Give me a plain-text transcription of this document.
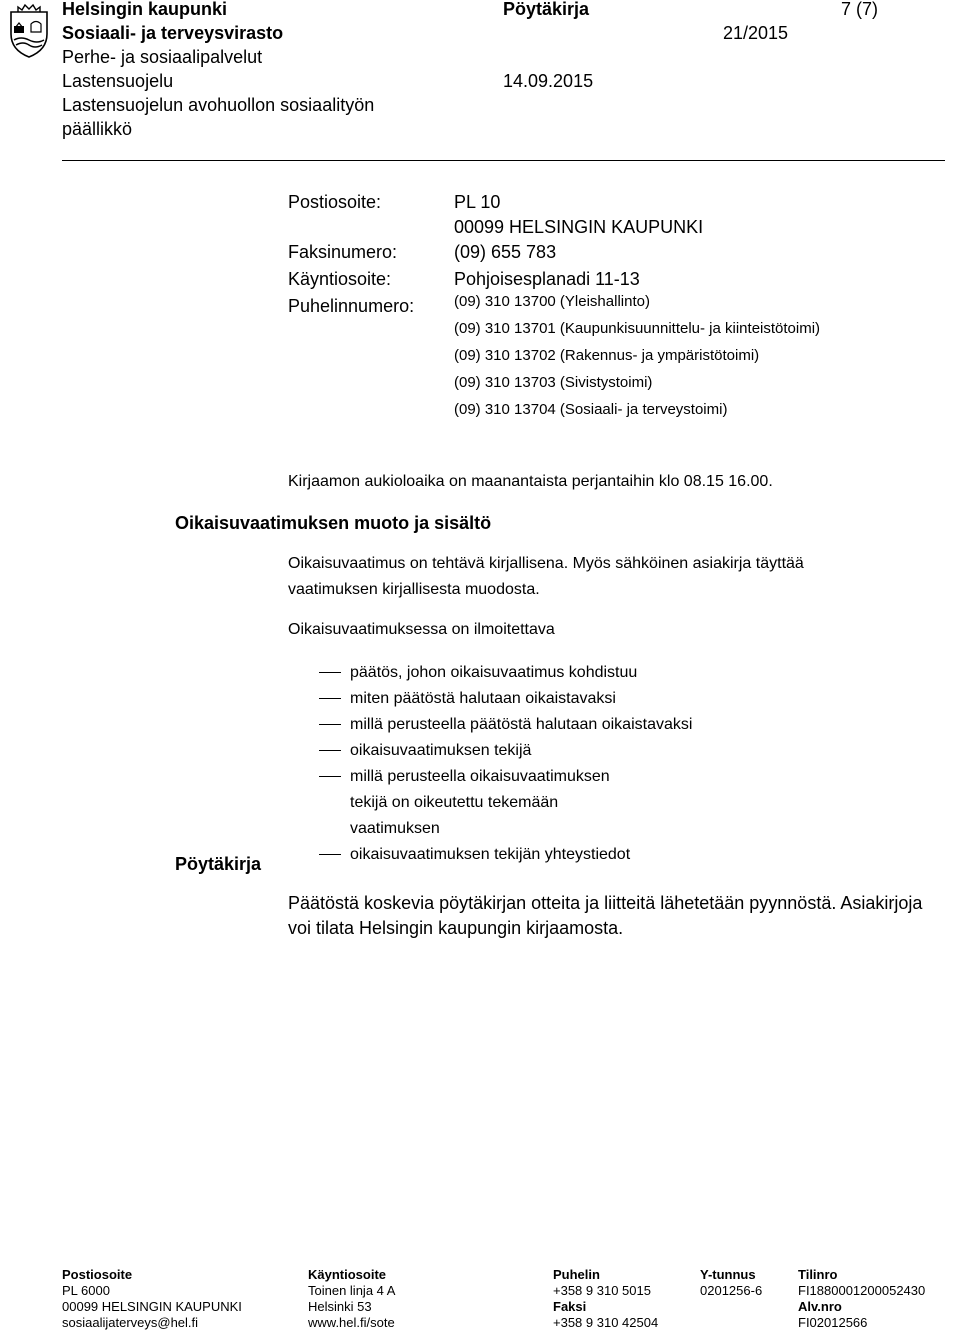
Helsingin kaupunki
Sosiaali- ja terveysvirasto
Perhe- ja sosiaalipalvelut
Lastensuojelu
Lastensuojelun avohuollon sosiaalityön
päällikkö
Pöytäkirja
21/2015
14.09.2015
7 (7)
Postiosoite:	PL 10
00099 HELSINGIN KAUPUNKI
Faksinumero:	(09) 655 783
Käyntiosoite:	Pohjoisesplanadi 11-13
Puhelinnumero:	(09) 310 13700 (Yleishallinto)
(09) 310 13701 (Kaupunkisuunnittelu- ja kiinteistötoimi)
(09) 310 13702 (Rakennus- ja ympäristötoimi)
(09) 310 13703 (Sivistystoimi)
(09) 310 13704 (Sosiaali- ja terveystoimi)
Kirjaamon aukioloaika on maanantaista perjantaihin klo 08.15 16.00.
Oikaisuvaatimuksen muoto ja sisältö
Oikaisuvaatimus on tehtävä kirjallisena. Myös sähköinen asiakirja täyttää vaatimuksen kirjallisesta muodosta.
Oikaisuvaatimuksessa on ilmoitettava
päätös, johon oikaisuvaatimus kohdistuu
miten päätöstä halutaan oikaistavaksi
millä perusteella päätöstä halutaan oikaistavaksi
oikaisuvaatimuksen tekijä
millä perusteella oikaisuvaatimuksen tekijä on oikeutettu tekemään vaatimuksen
oikaisuvaatimuksen tekijän yhteystiedot
Pöytäkirja
Päätöstä koskevia pöytäkirjan otteita ja liitteitä lähetetään pyynnöstä. Asiakirjoja voi tilata Helsingin kaupungin kirjaamosta.
Postiosoite
PL 6000
00099 HELSINGIN KAUPUNKI
sosiaalijaterveys@hel.fi
Käyntiosoite
Toinen linja 4 A
Helsinki 53
www.hel.fi/sote
Puhelin
+358 9 310 5015
Faksi
+358 9 310 42504
Y-tunnus
0201256-6
Tilinro
FI1880001200052430
Alv.nro
FI02012566
